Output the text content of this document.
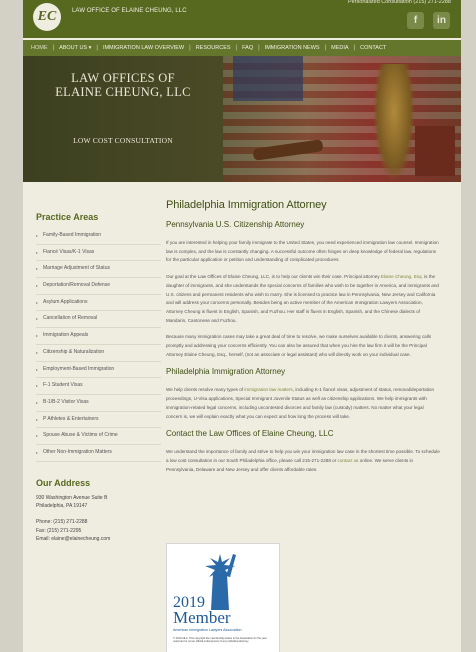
EC	LAW OFFICE OF ELAINE CHEUNG, LLC
Personalized Consultation (215) 271-2288
f	in
HOME | ABOUT US ▾ | IMMIGRATION LAW OVERVIEW | RESOURCES | FAQ | IMMIGRATION NEWS | MEDIA | CONTACT
LAW OFFICES OF
ELAINE CHEUNG, LLC
LOW COST CONSULTATION
Practice Areas
▸ Family-Based Immigration
▸ Fiancé Visas/K-1 Visas
▸ Marriage Adjustment of Status
▸ Deportation/Removal Defense
▸ Asylum Applications
▸ Cancellation of Removal
▸ Immigration Appeals
▸ Citizenship & Naturalization
▸ Employment-Based Immigration
▸ F-1 Student Visas
▸ B-1/B-2 Visitor Visas
▸ P Athletes & Entertainers
▸ Spouse Abuse & Victims of Crime
▸ Other Non-Immigration Matters
Our Address
930 Washington Avenue Suite B
Philadelphia, PA 19147
Phone: (215) 271-2288
Fax: (215) 271-2295
Email: elaine@elainecheung.com
Philadelphia Immigration Attorney
Pennsylvania U.S. Citizenship Attorney

If you are interested in helping your family immigrate to the United States, you need experienced immigration law counsel. Immigration law is complex, and the law is constantly changing. A successful outcome often hinges on deep knowledge of federal law, regulations for the particular application or petition and understanding of complicated procedures.

Our goal at the Law Offices of Elaine Cheung, LLC, is to help our clients win their case. Principal attorney Elaine Cheung, Esq. is the daughter of immigrants, and she understands the special concerns of families who wish to be together in America, and immigrants and U.S. citizens and permanent residents who wish to marry. She is licensed to practice law in Pennsylvania, New Jersey and California and will address your concerns personally. Besides being an active member of the American Immigration Lawyers Association, Attorney Cheung is fluent in English, Spanish, and Fuzhou. Her staff is fluent in English, Spanish, and the Chinese dialects of Mandarin, Cantonese and Fuzhou.

Because many immigration cases may take a great deal of time to resolve, we make ourselves available to clients, answering calls promptly and addressing your concerns efficiently. You can also be assured that when you hire the law firm it will be the Principal Attorney Elaine Cheung, Esq., herself, (not an associate or legal assistant) who will directly work on your individual case.

Philadelphia Immigration Attorney

We help clients resolve many types of immigration law matters, including K-1 fiancé visas, adjustment of status, removal/deportation proceedings, U-Visa applications, Special Immigrant Juvenile Status as well as citizenship applications. We help immigrants with immigration-related legal concerns, including uncontested divorces and family law (custody) matters. No matter what your legal concern is, we will explain exactly what you can expect and how long the process will take.

Contact the Law Offices of Elaine Cheung, LLC

We understand the importance of family and strive to help you win your immigration law case in the shortest time possible. To schedule a low cost consultation in our South Philadelphia office, please call 215-271-2288 or contact us online. We serve clients in Pennsylvania, Delaware and New Jersey and offer clients affordable rates.

2019
Member
American Immigration Lawyers Association
© 2019 AILA. This copyright fee membership status is the Association for the year noted and is not an official endorsement of any individual attorney.
